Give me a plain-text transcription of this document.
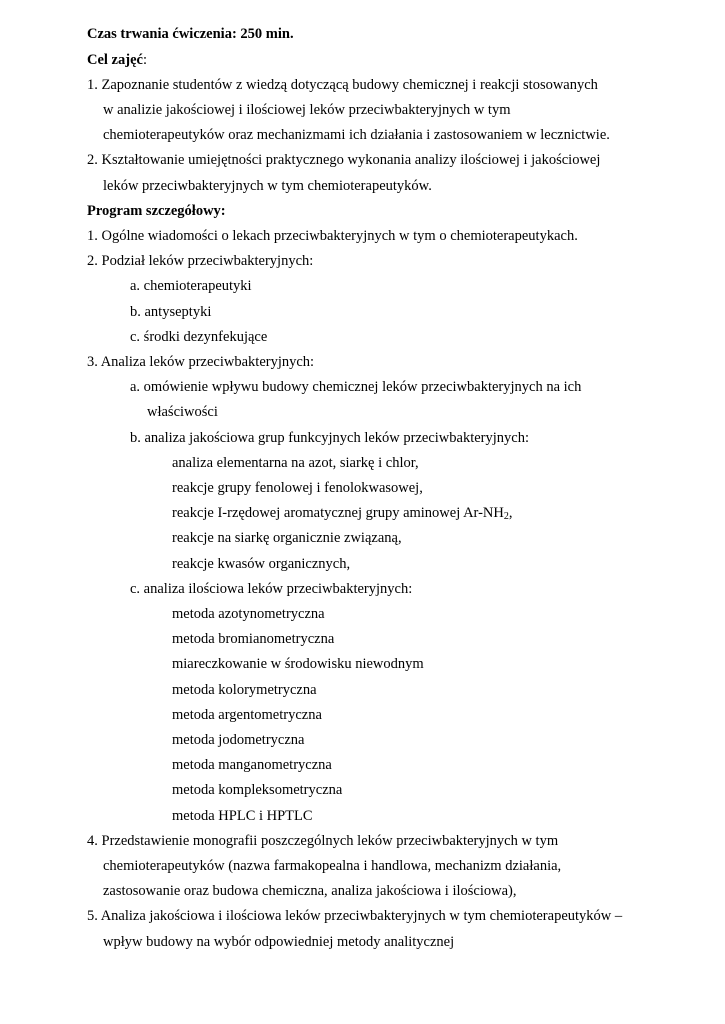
Czas trwania ćwiczenia: 250 min.
Cel zajęć:
1. Zapoznanie studentów z wiedzą dotyczącą budowy chemicznej i reakcji stosowanych
w analizie jakościowej i ilościowej leków przeciwbakteryjnych w tym
chemioterapeutyków oraz mechanizmami ich działania i zastosowaniem w lecznictwie.
2. Kształtowanie umiejętności praktycznego wykonania analizy ilościowej i jakościowej
leków przeciwbakteryjnych w tym chemioterapeutyków.
Program szczegółowy:
1. Ogólne wiadomości o lekach przeciwbakteryjnych w tym o chemioterapeutykach.
2. Podział leków przeciwbakteryjnych:
a. chemioterapeutyki
b. antyseptyki
c. środki dezynfekujące
3. Analiza leków przeciwbakteryjnych:
a. omówienie wpływu budowy chemicznej leków przeciwbakteryjnych na ich
właściwości
b. analiza jakościowa grup funkcyjnych leków przeciwbakteryjnych:
analiza elementarna na azot, siarkę i chlor,
reakcje grupy fenolowej i fenolokwasowej,
reakcje I-rzędowej aromatycznej grupy aminowej $Ar-NH_2$,
reakcje na siarkę organicznie związaną,
reakcje kwasów organicznych,
c. analiza ilościowa leków przeciwbakteryjnych:
metoda azotynometryczna
metoda bromianometryczna
miareczkowanie w środowisku niewodnym
metoda kolorymetryczna
metoda argentometryczna
metoda jodometryczna
metoda manganometryczna
metoda kompleksometryczna
metoda HPLC i HPTLC
4. Przedstawienie monografii poszczególnych leków przeciwbakteryjnych w tym
chemioterapeutyków (nazwa farmakopealna i handlowa, mechanizm działania,
zastosowanie oraz budowa chemiczna, analiza jakościowa i ilościowa),
5. Analiza jakościowa i ilościowa leków przeciwbakteryjnych w tym chemioterapeutyków –
wpływ budowy na wybór odpowiedniej metody analitycznej
